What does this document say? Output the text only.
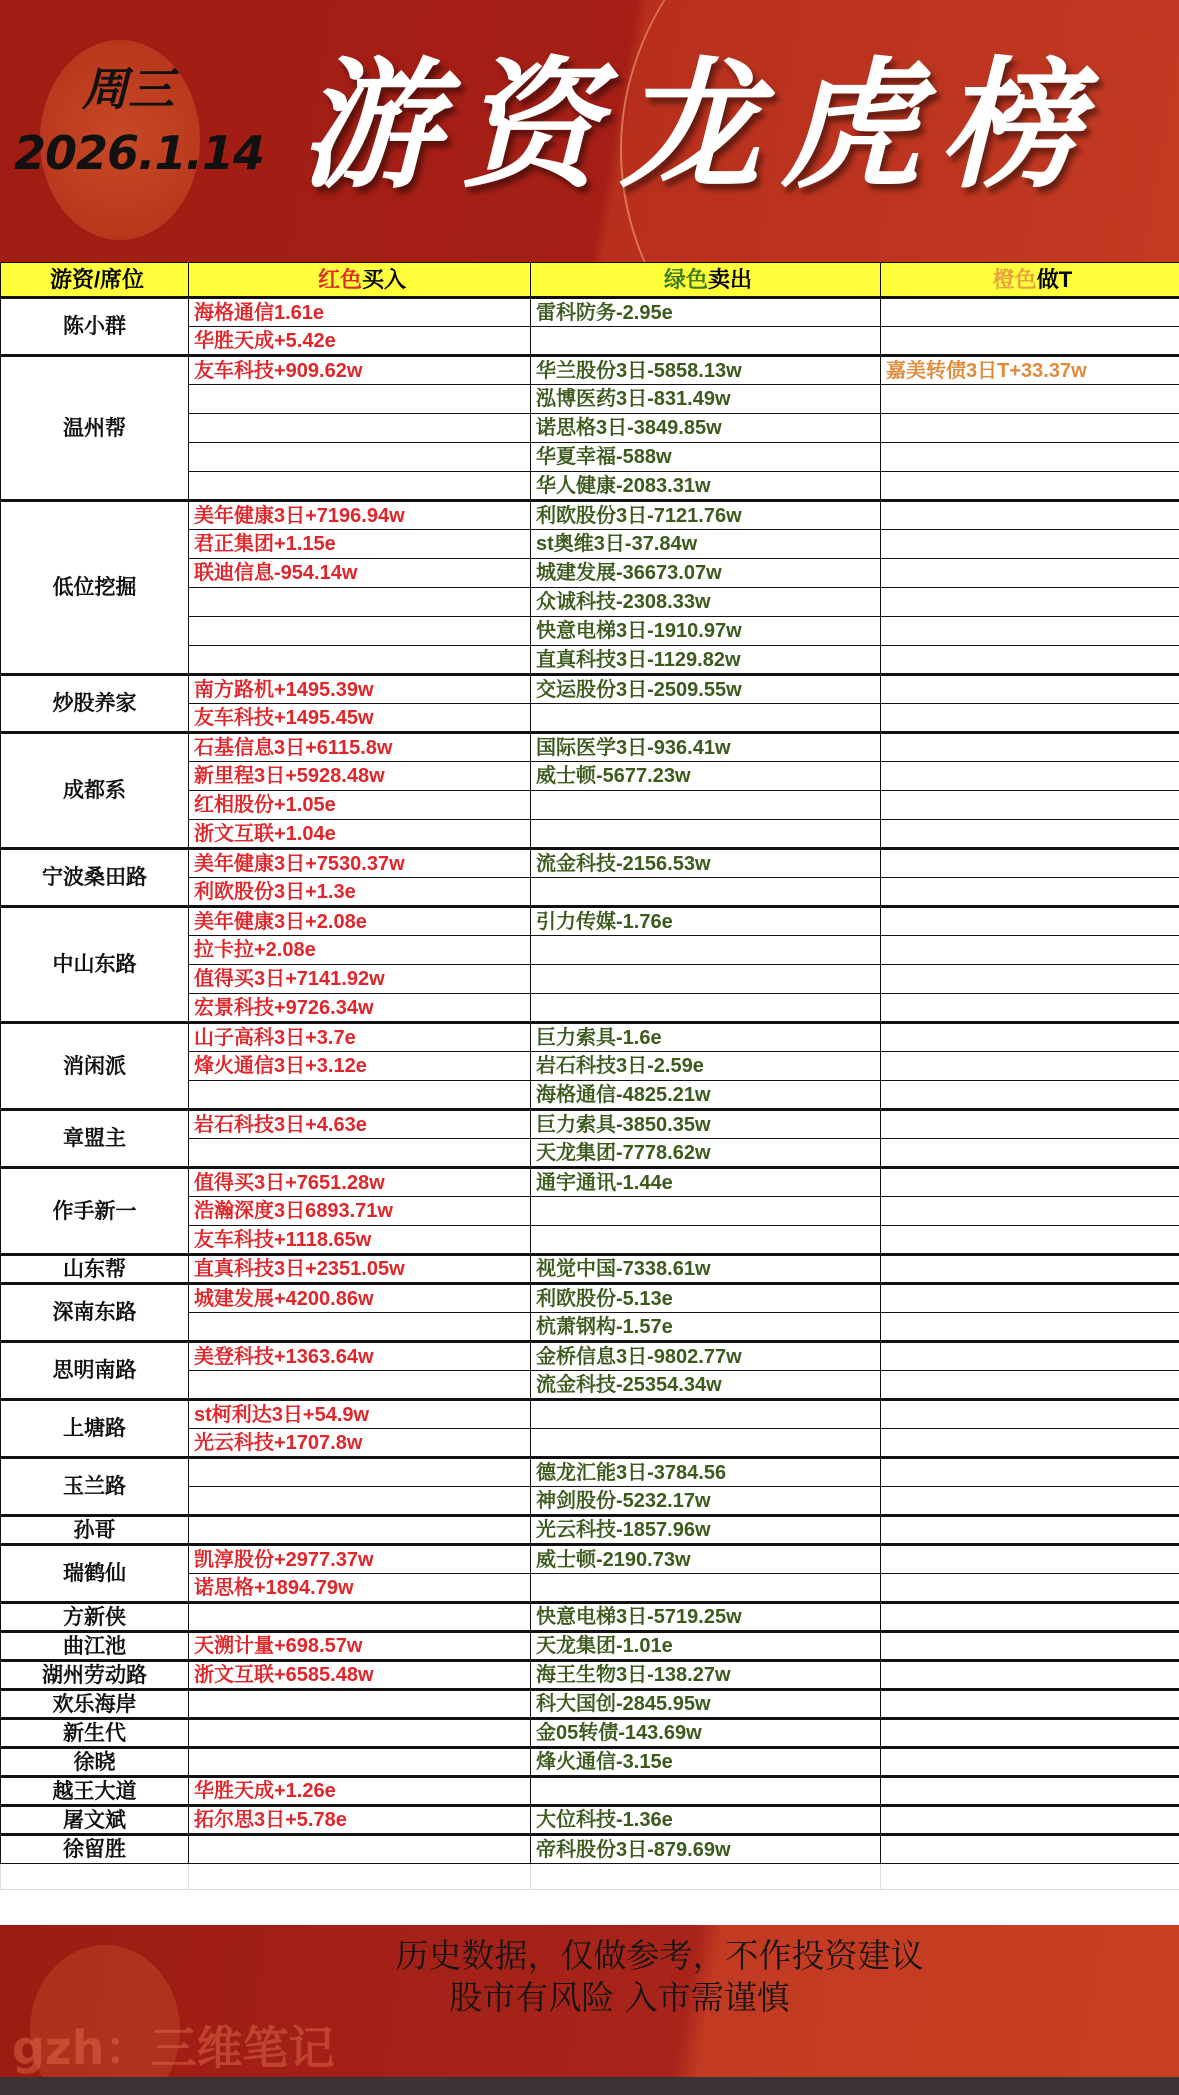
周三
2026.1.14 游资龙虎榜
游资/席位	红色买入	绿色卖出	橙色做T
陈小群	海格通信1.61e	雷科防务-2.95e	
	华胜天成+5.42e		
温州帮	友车科技+909.62w	华兰股份3日-5858.13w	嘉美转债3日T+33.37w
		泓博医药3日-831.49w	
		诺思格3日-3849.85w	
		华夏幸福-588w	
		华人健康-2083.31w	
低位挖掘	美年健康3日+7196.94w	利欧股份3日-7121.76w	
	君正集团+1.15e	st奥维3日-37.84w	
	联迪信息-954.14w	城建发展-36673.07w	
		众诚科技-2308.33w	
		快意电梯3日-1910.97w	
		直真科技3日-1129.82w	
炒股养家	南方路机+1495.39w	交运股份3日-2509.55w	
	友车科技+1495.45w		
成都系	石基信息3日+6115.8w	国际医学3日-936.41w	
	新里程3日+5928.48w	威士顿-5677.23w	
	红相股份+1.05e		
	浙文互联+1.04e		
宁波桑田路	美年健康3日+7530.37w	流金科技-2156.53w	
	利欧股份3日+1.3e		
中山东路	美年健康3日+2.08e	引力传媒-1.76e	
	拉卡拉+2.08e		
	值得买3日+7141.92w		
	宏景科技+9726.34w		
消闲派	山子高科3日+3.7e	巨力索具-1.6e	
	烽火通信3日+3.12e	岩石科技3日-2.59e	
		海格通信-4825.21w	
章盟主	岩石科技3日+4.63e	巨力索具-3850.35w	
		天龙集团-7778.62w	
作手新一	值得买3日+7651.28w	通宇通讯-1.44e	
	浩瀚深度3日6893.71w		
	友车科技+1118.65w		
山东帮	直真科技3日+2351.05w	视觉中国-7338.61w	
深南东路	城建发展+4200.86w	利欧股份-5.13e	
		杭萧钢构-1.57e	
思明南路	美登科技+1363.64w	金桥信息3日-9802.77w	
		流金科技-25354.34w	
上塘路	st柯利达3日+54.9w		
	光云科技+1707.8w		
玉兰路		德龙汇能3日-3784.56	
		神剑股份-5232.17w	
孙哥		光云科技-1857.96w	
瑞鹤仙	凯淳股份+2977.37w	威士顿-2190.73w	
	诺思格+1894.79w		
方新侠		快意电梯3日-5719.25w	
曲江池	天溯计量+698.57w	天龙集团-1.01e	
湖州劳动路	浙文互联+6585.48w	海王生物3日-138.27w	
欢乐海岸		科大国创-2845.95w	
新生代		金05转债-143.69w	
徐晓		烽火通信-3.15e	
越王大道	华胜天成+1.26e		
屠文斌	拓尔思3日+5.78e	大位科技-1.36e	
徐留胜		帝科股份3日-879.69w	

gzh：三维笔记
历史数据，仅做参考，不作投资建议
股市有风险 入市需谨慎
